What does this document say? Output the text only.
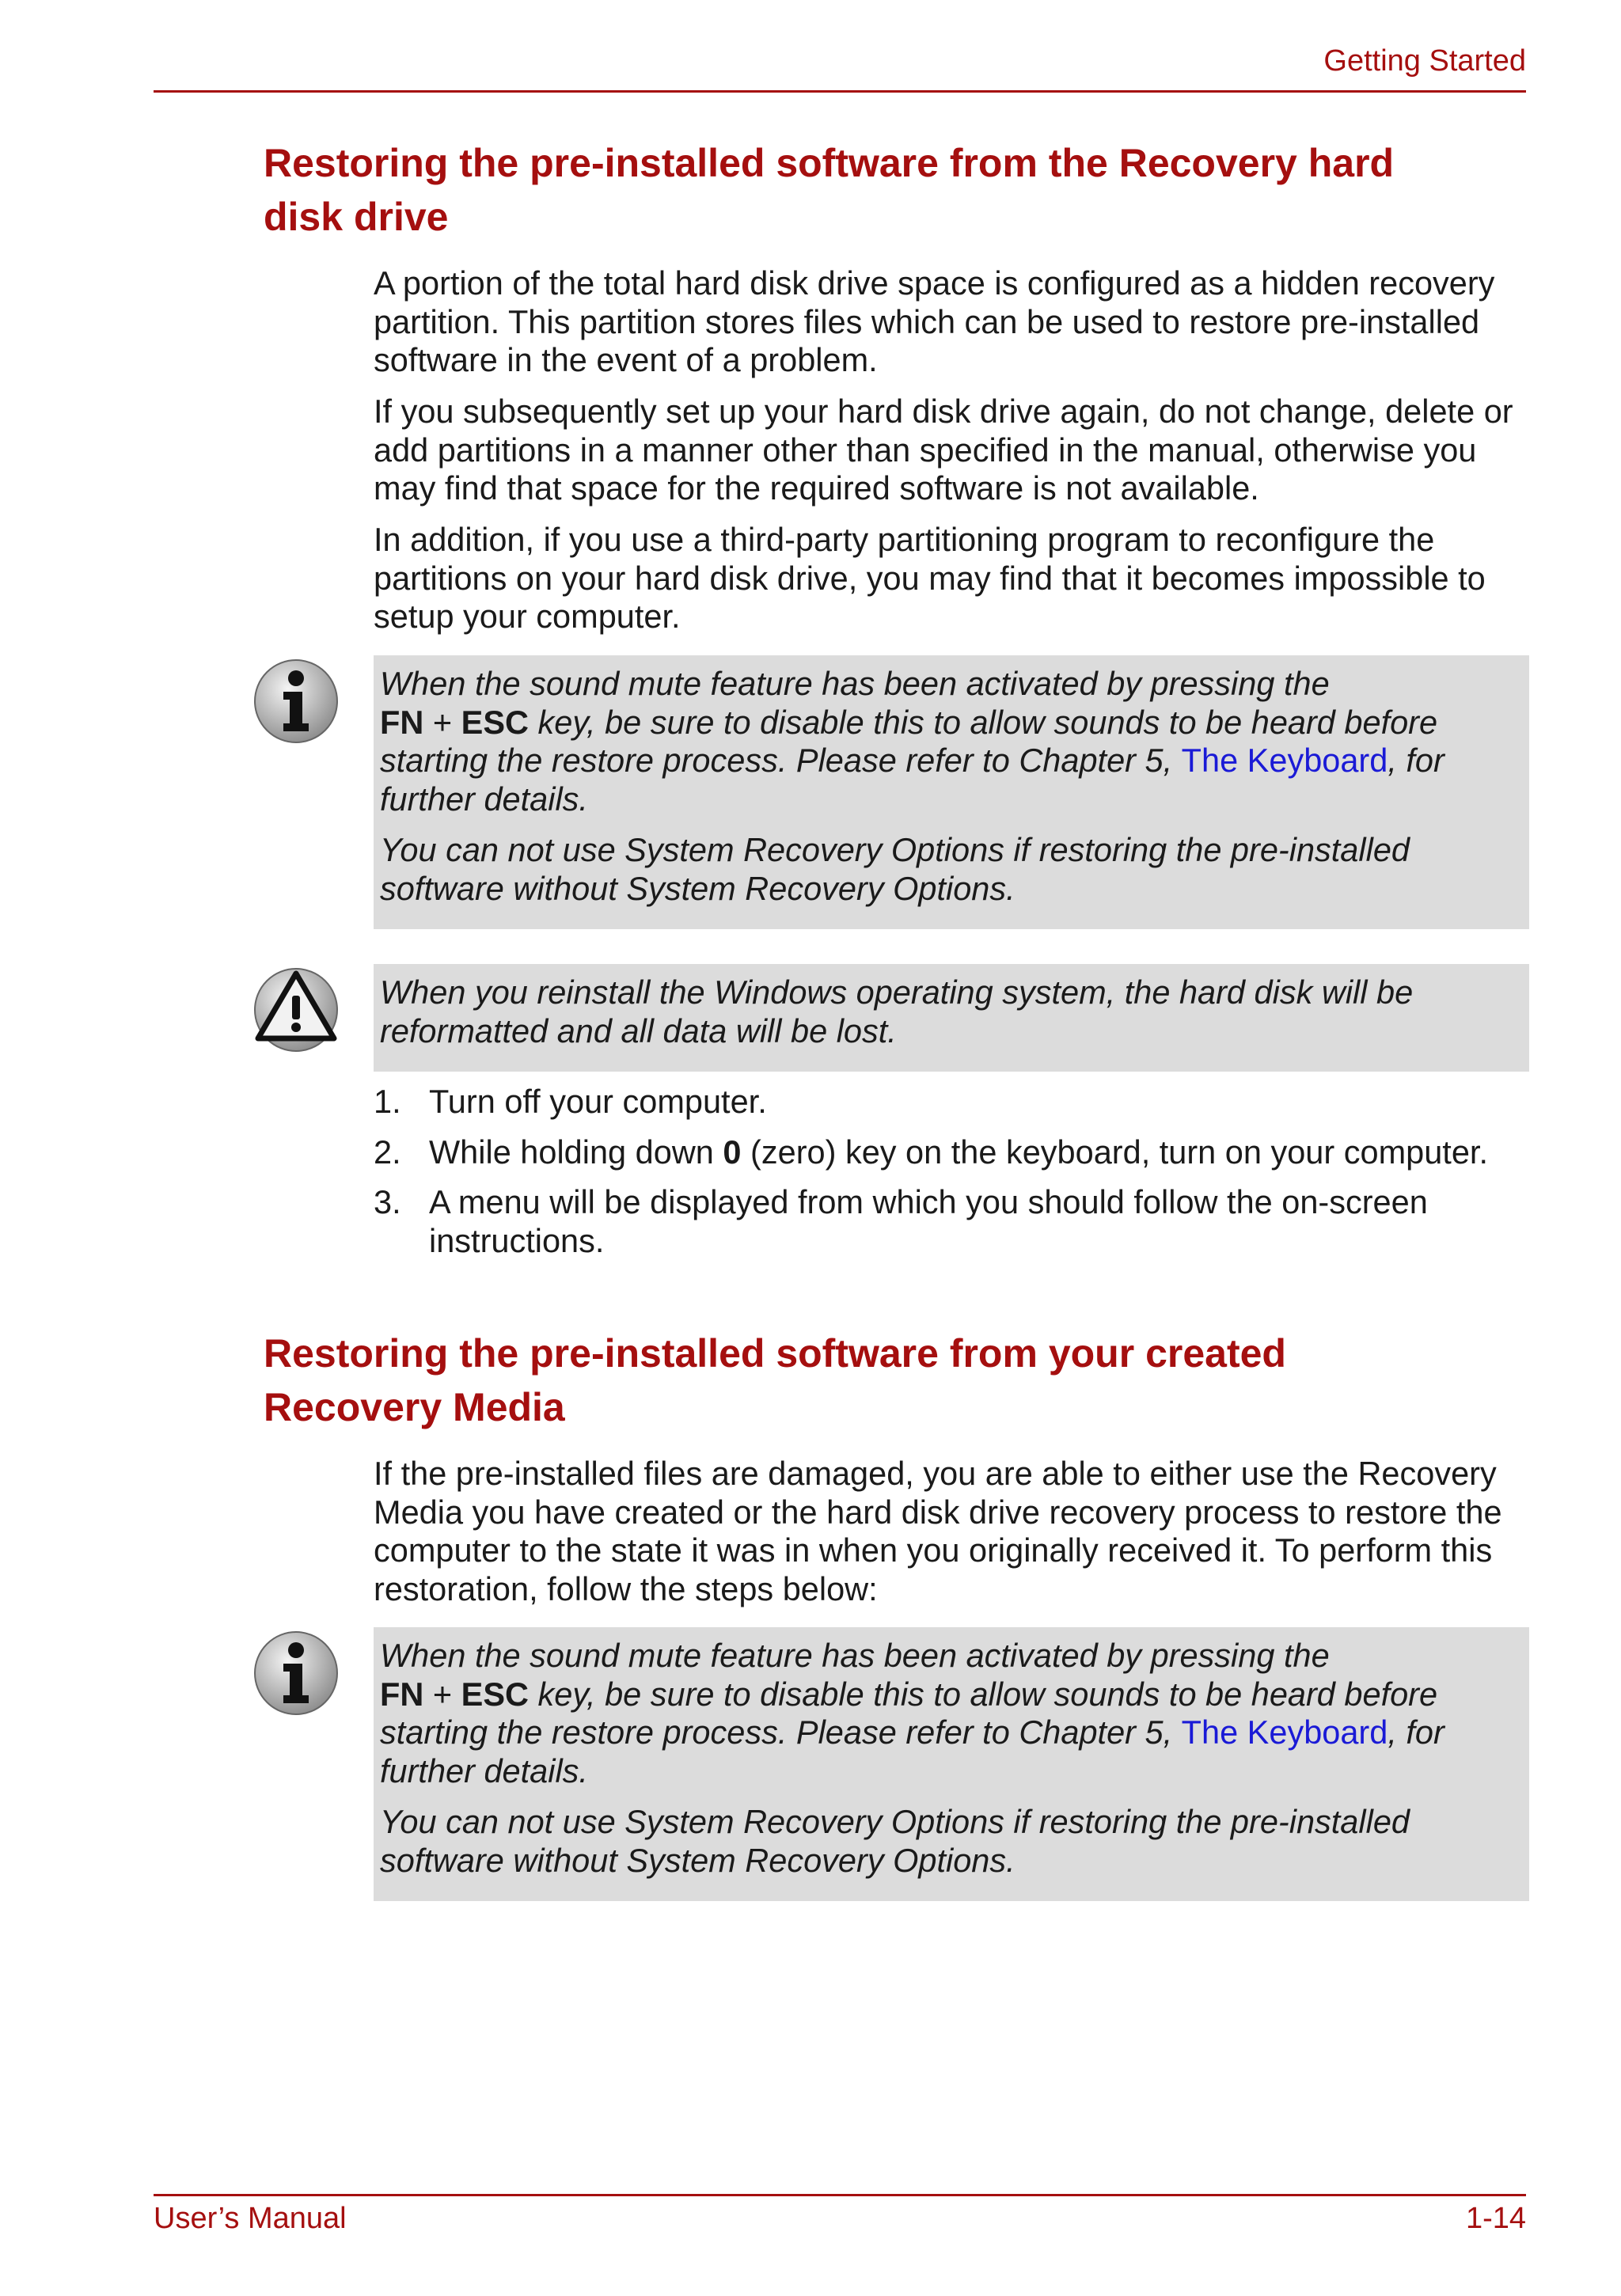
Getting Started
Restoring the pre-installed software from the Recovery hard disk drive

A portion of the total hard disk drive space is configured as a hidden recovery partition. This partition stores files which can be used to restore pre-installed software in the event of a problem.

If you subsequently set up your hard disk drive again, do not change, delete or add partitions in a manner other than specified in the manual, otherwise you may find that space for the required software is not available.

In addition, if you use a third-party partitioning program to reconfigure the partitions on your hard disk drive, you may find that it becomes impossible to setup your computer.

When the sound mute feature has been activated by pressing the
FN + ESC key, be sure to disable this to allow sounds to be heard before starting the restore process. Please refer to Chapter 5, The Keyboard, for further details.

You can not use System Recovery Options if restoring the pre-installed software without System Recovery Options.

When you reinstall the Windows operating system, the hard disk will be reformatted and all data will be lost.

1. Turn off your computer.
2. While holding down 0 (zero) key on the keyboard, turn on your computer.
3. A menu will be displayed from which you should follow the on-screen instructions.
Restoring the pre-installed software from your created Recovery Media

If the pre-installed files are damaged, you are able to either use the Recovery Media you have created or the hard disk drive recovery process to restore the computer to the state it was in when you originally received it. To perform this restoration, follow the steps below:

When the sound mute feature has been activated by pressing the
FN + ESC key, be sure to disable this to allow sounds to be heard before starting the restore process. Please refer to Chapter 5, The Keyboard, for further details.

You can not use System Recovery Options if restoring the pre-installed software without System Recovery Options.

User’s Manual	1-14
